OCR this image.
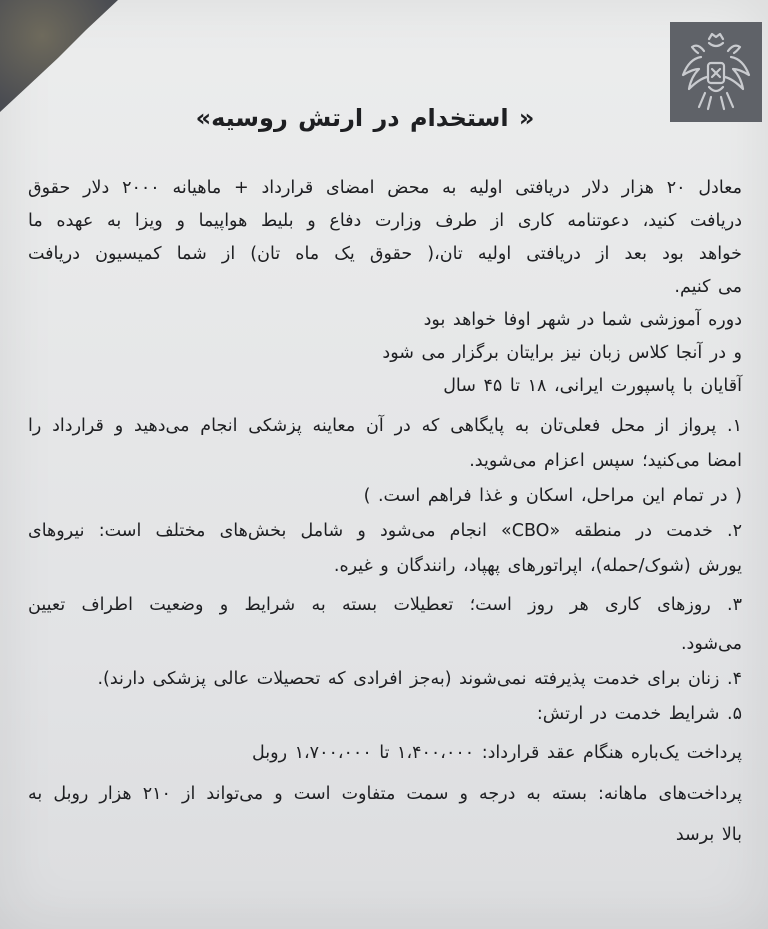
« استخدام در ارتش روسیه»

معادل ۲۰ هزار دلار دریافتی اولیه به محض امضای قرارداد + ماهیانه ۲۰۰۰ دلار حقوق

دریافت کنید، دعوتنامه کاری از طرف وزارت دفاع و بلیط هواپیما و ویزا به عهده ما

خواهد بود بعد از دریافتی اولیه تان،( حقوق یک ماه تان) از شما کمیسیون دریافت

می کنیم.

دوره آموزشی شما در شهر اوفا خواهد بود

و در آنجا کلاس زبان نیز برایتان برگزار می شود

آقایان با پاسپورت ایرانی، ۱۸ تا ۴۵ سال

۱. پرواز از محل فعلی‌تان به پایگاهی که در آن معاینه پزشکی انجام می‌دهید و قرارداد را

امضا می‌کنید؛ سپس اعزام می‌شوید.

( در تمام این مراحل، اسکان و غذا فراهم است. )

۲. خدمت در منطقه «CBO» انجام می‌شود و شامل بخش‌های مختلف است: نیروهای

یورش (شوک/حمله)، اپراتورهای پهپاد، رانندگان و غیره.

۳. روزهای کاری هر روز است؛ تعطیلات بسته به شرایط و وضعیت اطراف تعیین

می‌شود.

۴. زنان برای خدمت پذیرفته نمی‌شوند (به‌جز افرادی که تحصیلات عالی پزشکی دارند).

۵. شرایط خدمت در ارتش:

پرداخت یک‌باره هنگام عقد قرارداد: ۱،۴۰۰،۰۰۰ تا ۱،۷۰۰،۰۰۰ روبل

پرداخت‌های ماهانه: بسته به درجه و سمت متفاوت است و می‌تواند از ۲۱۰ هزار روبل به

بالا برسد
